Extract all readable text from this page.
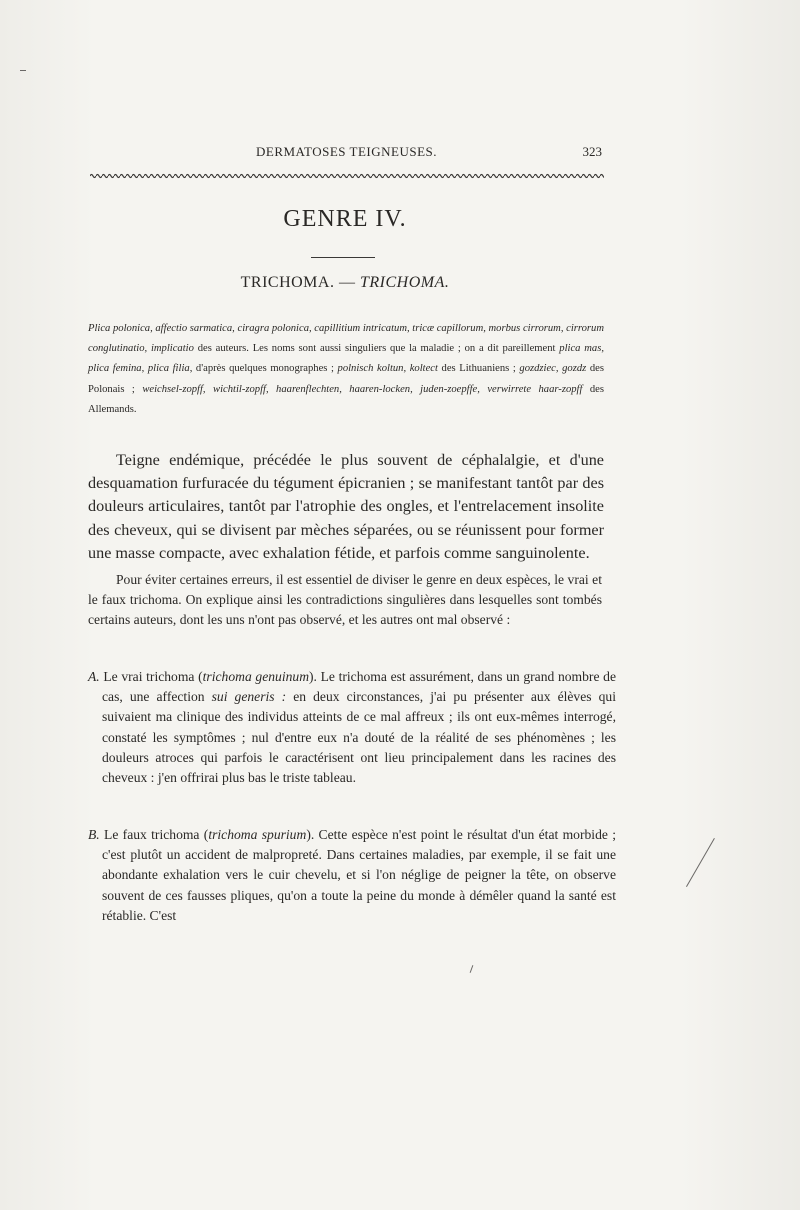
DERMATOSES TEIGNEUSES.	323
GENRE IV.
TRICHOMA. — TRICHOMA.
Plica polonica, affectio sarmatica, ciragra polonica, capillitium intricatum, tricæ capillorum, morbus cirrorum, cirrorum conglutinatio, implicatio des auteurs. Les noms sont aussi singuliers que la maladie ; on a dit pareillement plica mas, plica femina, plica filia, d'après quelques monographes ; polnisch koltun, koltect des Lithuaniens ; gozdziec, gozdz des Polonais ; weichsel-zopff, wichtil-zopff, haarenflechten, haaren-locken, juden-zoepffe, verwirrete haar-zopff des Allemands.
Teigne endémique, précédée le plus souvent de céphalalgie, et d'une desquamation furfuracée du tégument épicranien ; se manifestant tantôt par des douleurs articulaires, tantôt par l'atrophie des ongles, et l'entrelacement insolite des cheveux, qui se divisent par mèches séparées, ou se réunissent pour former une masse compacte, avec exhalation fétide, et parfois comme sanguinolente.
Pour éviter certaines erreurs, il est essentiel de diviser le genre en deux espèces, le vrai et le faux trichoma. On explique ainsi les contradictions singulières dans lesquelles sont tombés certains auteurs, dont les uns n'ont pas observé, et les autres ont mal observé :
A. Le vrai trichoma (trichoma genuinum). Le trichoma est assurément, dans un grand nombre de cas, une affection sui generis : en deux circonstances, j'ai pu présenter aux élèves qui suivaient ma clinique des individus atteints de ce mal affreux ; ils ont eux-mêmes interrogé, constaté les symptômes ; nul d'entre eux n'a douté de la réalité de ses phénomènes ; les douleurs atroces qui parfois le caractérisent ont lieu principalement dans les racines des cheveux : j'en offrirai plus bas le triste tableau.
B. Le faux trichoma (trichoma spurium). Cette espèce n'est point le résultat d'un état morbide ; c'est plutôt un accident de malpropreté. Dans certaines maladies, par exemple, il se fait une abondante exhalation vers le cuir chevelu, et si l'on néglige de peigner la tête, on observe souvent de ces fausses pliques, qu'on a toute la peine du monde à démêler quand la santé est rétablie. C'est
